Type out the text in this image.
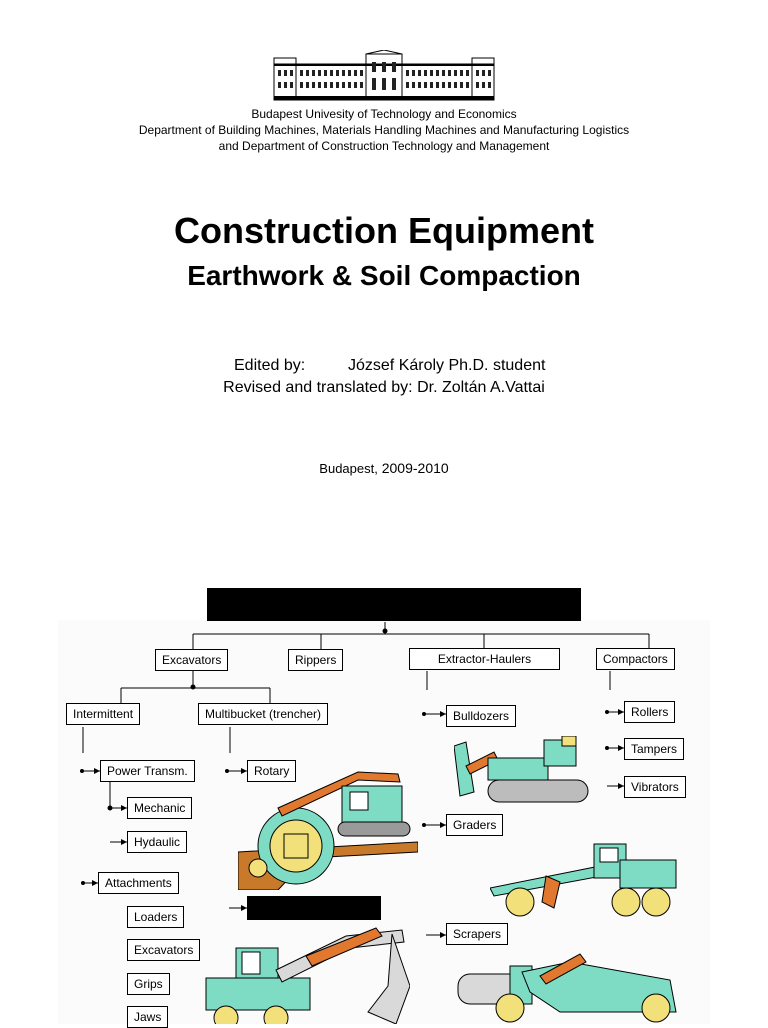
Budapest Univesity of Technology and Economics
Department of Building Machines, Materials Handling Machines and Manufacturing Logistics
and Department of Construction Technology and Management
Construction Equipment
Earthwork & Soil Compaction
Edited by:	József Károly Ph.D. student
Revised and translated by: Dr. Zoltán A.Vattai
Budapest, 2009-2010
Excavators	Rippers	Extractor-Haulers	Compactors
Intermittent	Multibucket (trencher)
Power Transm.
Mechanic
Hydaulic
Attachments
Loaders
Excavators
Grips
Jaws
Rotary
Bulldozers
Graders
Scrapers
Rollers
Tampers
Vibrators
